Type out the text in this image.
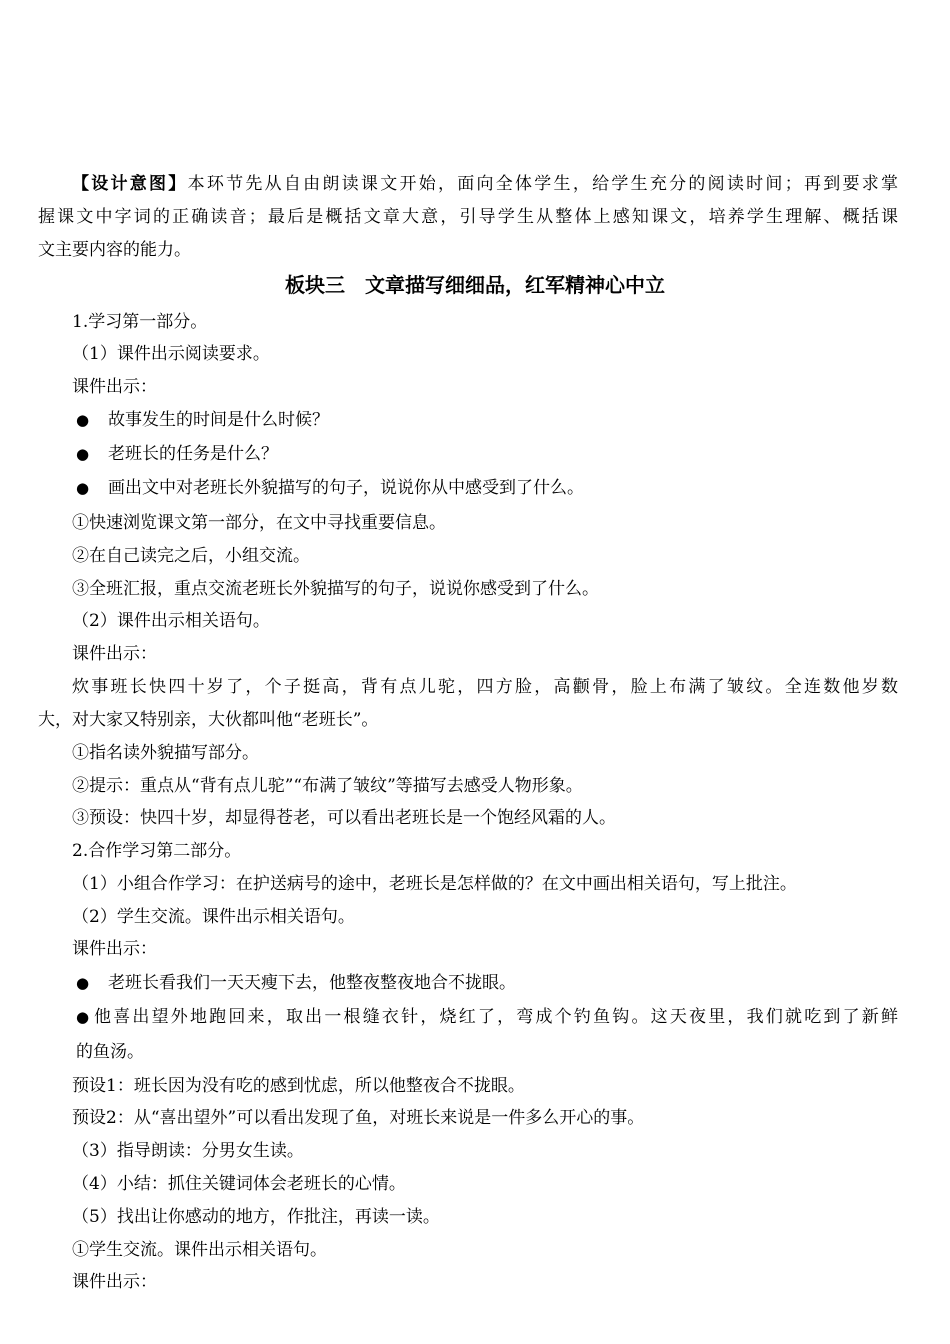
【设计意图】本环节先从自由朗读课文开始，面向全体学生，给学生充分的阅读时间；再到要求掌
握课文中字词的正确读音；最后是概括文章大意，引导学生从整体上感知课文，培养学生理解、概括课
文主要内容的能力。
板块三　文章描写细细品，红军精神心中立
1.学习第一部分。
（1）课件出示阅读要求。
课件出示：
● 故事发生的时间是什么时候？
● 老班长的任务是什么？
● 画出文中对老班长外貌描写的句子，说说你从中感受到了什么。
①快速浏览课文第一部分，在文中寻找重要信息。
②在自己读完之后，小组交流。
③全班汇报，重点交流老班长外貌描写的句子，说说你感受到了什么。
（2）课件出示相关语句。
课件出示：
炊事班长快四十岁了，个子挺高，背有点儿驼，四方脸，高颧骨，脸上布满了皱纹。全连数他岁数
大，对大家又特别亲，大伙都叫他“老班长”。
①指名读外貌描写部分。
②提示：重点从“背有点儿驼”“布满了皱纹”等描写去感受人物形象。
③预设：快四十岁，却显得苍老，可以看出老班长是一个饱经风霜的人。
2.合作学习第二部分。
（1）小组合作学习：在护送病号的途中，老班长是怎样做的？在文中画出相关语句，写上批注。
（2）学生交流。课件出示相关语句。
课件出示：
● 老班长看我们一天天瘦下去，他整夜整夜地合不拢眼。
● 他喜出望外地跑回来，取出一根缝衣针，烧红了，弯成个钓鱼钩。这天夜里，我们就吃到了新鲜
的鱼汤。
预设1：班长因为没有吃的感到忧虑，所以他整夜合不拢眼。
预设2：从“喜出望外”可以看出发现了鱼，对班长来说是一件多么开心的事。
（3）指导朗读：分男女生读。
（4）小结：抓住关键词体会老班长的心情。
（5）找出让你感动的地方，作批注，再读一读。
①学生交流。课件出示相关语句。
课件出示：
